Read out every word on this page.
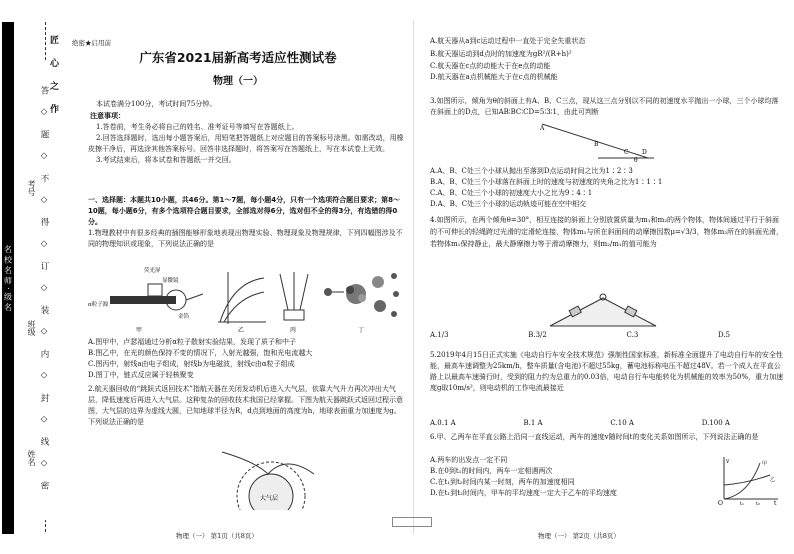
名 校 名 师 · 级 名	答 ◇ 题 ◇ 不 ◇ 得 ◇ 订 ◇ 装 ◇ 内 ◇ 封 ◇ 线 ◇ 密
匠心之作
考号
班级
姓名
绝密★启用前
广东省2021届新高考适应性测试卷
物理（一）
本试卷满分100分，考试时间75分钟。
注意事项：

1.答卷前，考生务必将自己的姓名、准考证号等填写在答题纸上。

2.回答选择题时，选出每小题答案后，用铅笔把答题纸上对应题目的答案标号涂黑。如需改动，用橡皮擦干净后，再选涂其他答案标号。回答非选择题时，将答案写在答题纸上，写在本试卷上无效。

3.考试结束后，将本试卷和答题纸一并交回。

一、选择题：本题共10小题，共46分。第1～7题，每小题4分，只有一个选项符合题目要求；第8～10题，每小题6分，有多个选项符合题目要求，全部选对得6分，选对但不全的得3分，有选错的得0分。
1.物理教材中有很多经典的插图能够形象地表现出物理实验、物理现象及物理规律，下列四幅图涉及不同的物理知识或现象，下列说法正确的是
荧光屏
显微镜
α粒子源
金箔
甲	乙	丙	丁

A.图甲中，卢瑟福通过分析α粒子散射实验结果，发现了质子和中子

B.图乙中，在光的颜色保持不变的情况下，入射光越强，饱和光电流越大

C.图丙中，射线a由电子组成，射线b为电磁波，射线c由α粒子组成

D.图丁中，链式反应属于轻核聚变

2.航天器回收的“跳跃式返回技术”指航天器在关闭发动机后进入大气层，依靠大气升力再次冲出大气层，降低速度后再进入大气层。这种复杂的回收技术我国已经掌握。下图为航天器跳跃式返回过程示意图，大气层的边界为虚线大圆，已知地球半径为R，d点到地面的高度为h，地球表面重力加速度为g。下列说法正确的是
大气层
物理（一） 第1页（共8页）

A.航天器从a到c运动过程中一直处于完全失重状态

B.航天器运动到d点时的加速度为gR²/(R+h)²

C.航天器在c点的动能大于在e点的动能

D.航天器在a点机械能大于在c点的机械能

3.如图所示，倾角为θ的斜面上有A、B、C三点，现从这三点分别以不同的初速度水平抛出一小球，三个小球均落在斜面上的D点，已知AB∶BC∶CD=5∶3∶1，由此可判断
A
B
C D
θ

A.A、B、C处三个小球从抛出至落到D点运动时间之比为1∶2∶3

B.A、B、C处三个小球落在斜面上时的速度与初速度的夹角之比为1∶1∶1

C.A、B、C处三个小球的初速度大小之比为9∶4∶1

D.A、B、C处三个小球的运动轨迹可能在空中相交

4.如图所示，在两个倾角θ=30°，相互连接的斜面上分别放置质量为m₁和m₂的两个物体，物体间通过平行于斜面的不可伸长的轻绳跨过光滑的定滑轮连接，物体m₁与所在斜面间的动摩擦因数μ=√3/3，物体m₂所在的斜面光滑，若物体m₁保持静止，最大静摩擦力等于滑动摩擦力，则m₂/m₁的值可能为
A.1/3	B.3/2	C.3	D.5
5.2019年4月15日正式实施《电动自行车安全技术规范》强制性国家标准，新标准全面提升了电动自行车的安全性能，最高车速调整为25km/h，整车质量(含电池)不超过55kg，蓄电池标称电压不超过48V。若一个成人在平直公路上以最高车速骑行时，受到的阻力约为总重力的0.03倍，电动自行车电能转化为机械能的效率为50%，重力加速度g取10m/s²，则电动机的工作电流最接近
A.0.1 A	B.1 A	C.10 A	D.100 A
6.甲、乙两车在平直公路上沿同一直线运动，两车的速度v随时间t的变化关系如图所示，下列说法正确的是

A.两车的出发点一定不同

B.在0到t₁的时间内，两车一定相遇两次

C.在t₁到t₂时间内某一时刻，两车的加速度相同

D.在t₁到t₂时间内，甲车的平均速度一定大于乙车的平均速度

v
O	t₁ t₂ t
甲
乙
物理（一） 第2页（共8页）
